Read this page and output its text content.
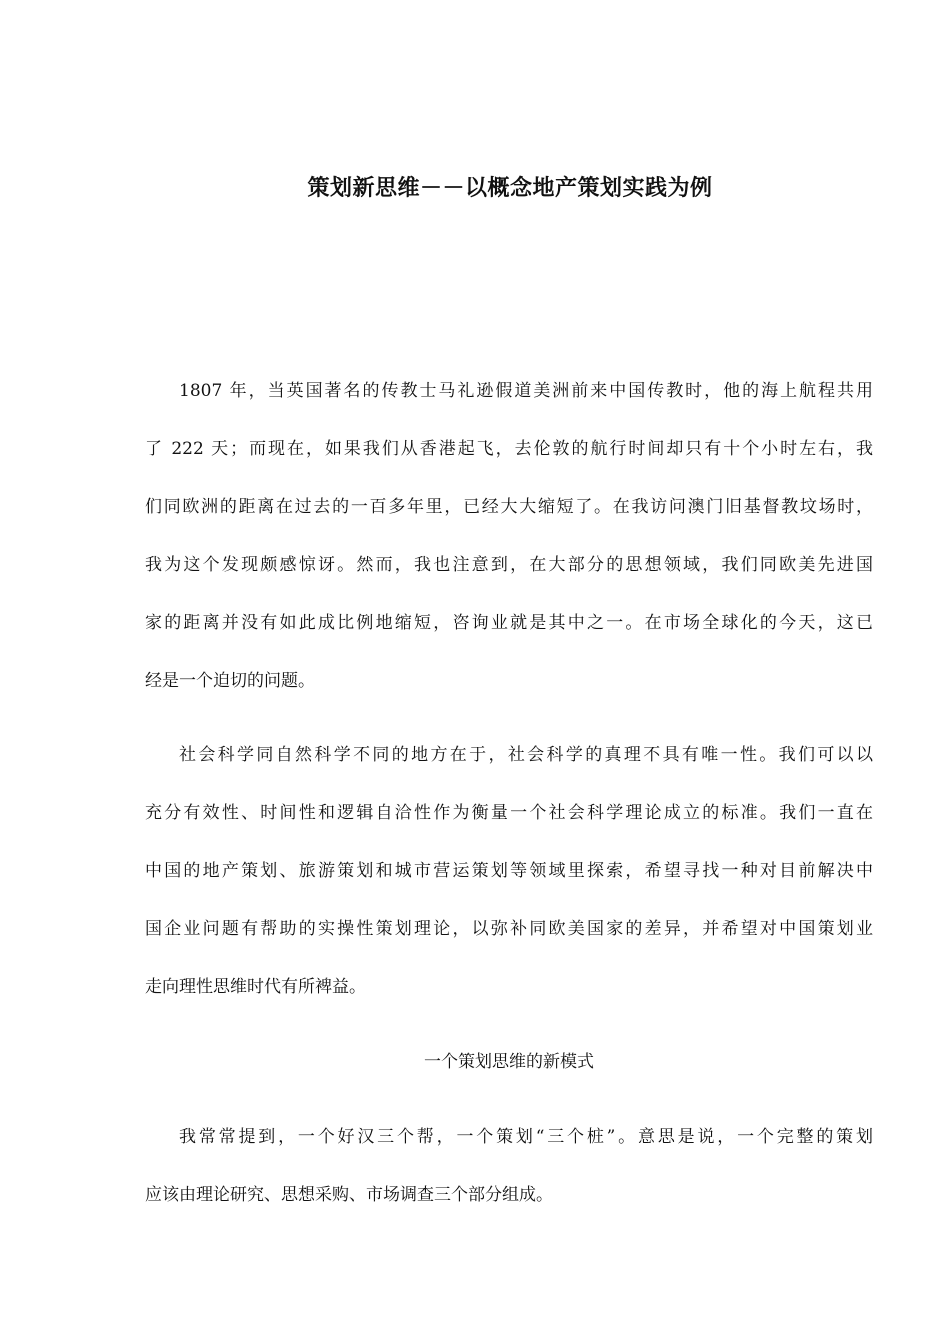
策划新思维－－以概念地产策划实践为例
1807 年，当英国著名的传教士马礼逊假道美洲前来中国传教时，他的海上航程共用
了 222 天；而现在，如果我们从香港起飞，去伦敦的航行时间却只有十个小时左右，我
们同欧洲的距离在过去的一百多年里，已经大大缩短了。在我访问澳门旧基督教坟场时，
我为这个发现颇感惊讶。然而，我也注意到，在大部分的思想领域，我们同欧美先进国
家的距离并没有如此成比例地缩短，咨询业就是其中之一。在市场全球化的今天，这已
经是一个迫切的问题。
社会科学同自然科学不同的地方在于，社会科学的真理不具有唯一性。我们可以以
充分有效性、时间性和逻辑自洽性作为衡量一个社会科学理论成立的标准。我们一直在
中国的地产策划、旅游策划和城市营运策划等领域里探索，希望寻找一种对目前解决中
国企业问题有帮助的实操性策划理论，以弥补同欧美国家的差异，并希望对中国策划业
走向理性思维时代有所裨益。
一个策划思维的新模式
我常常提到，一个好汉三个帮，一个策划“三个桩”。意思是说，一个完整的策划
应该由理论研究、思想采购、市场调查三个部分组成。
